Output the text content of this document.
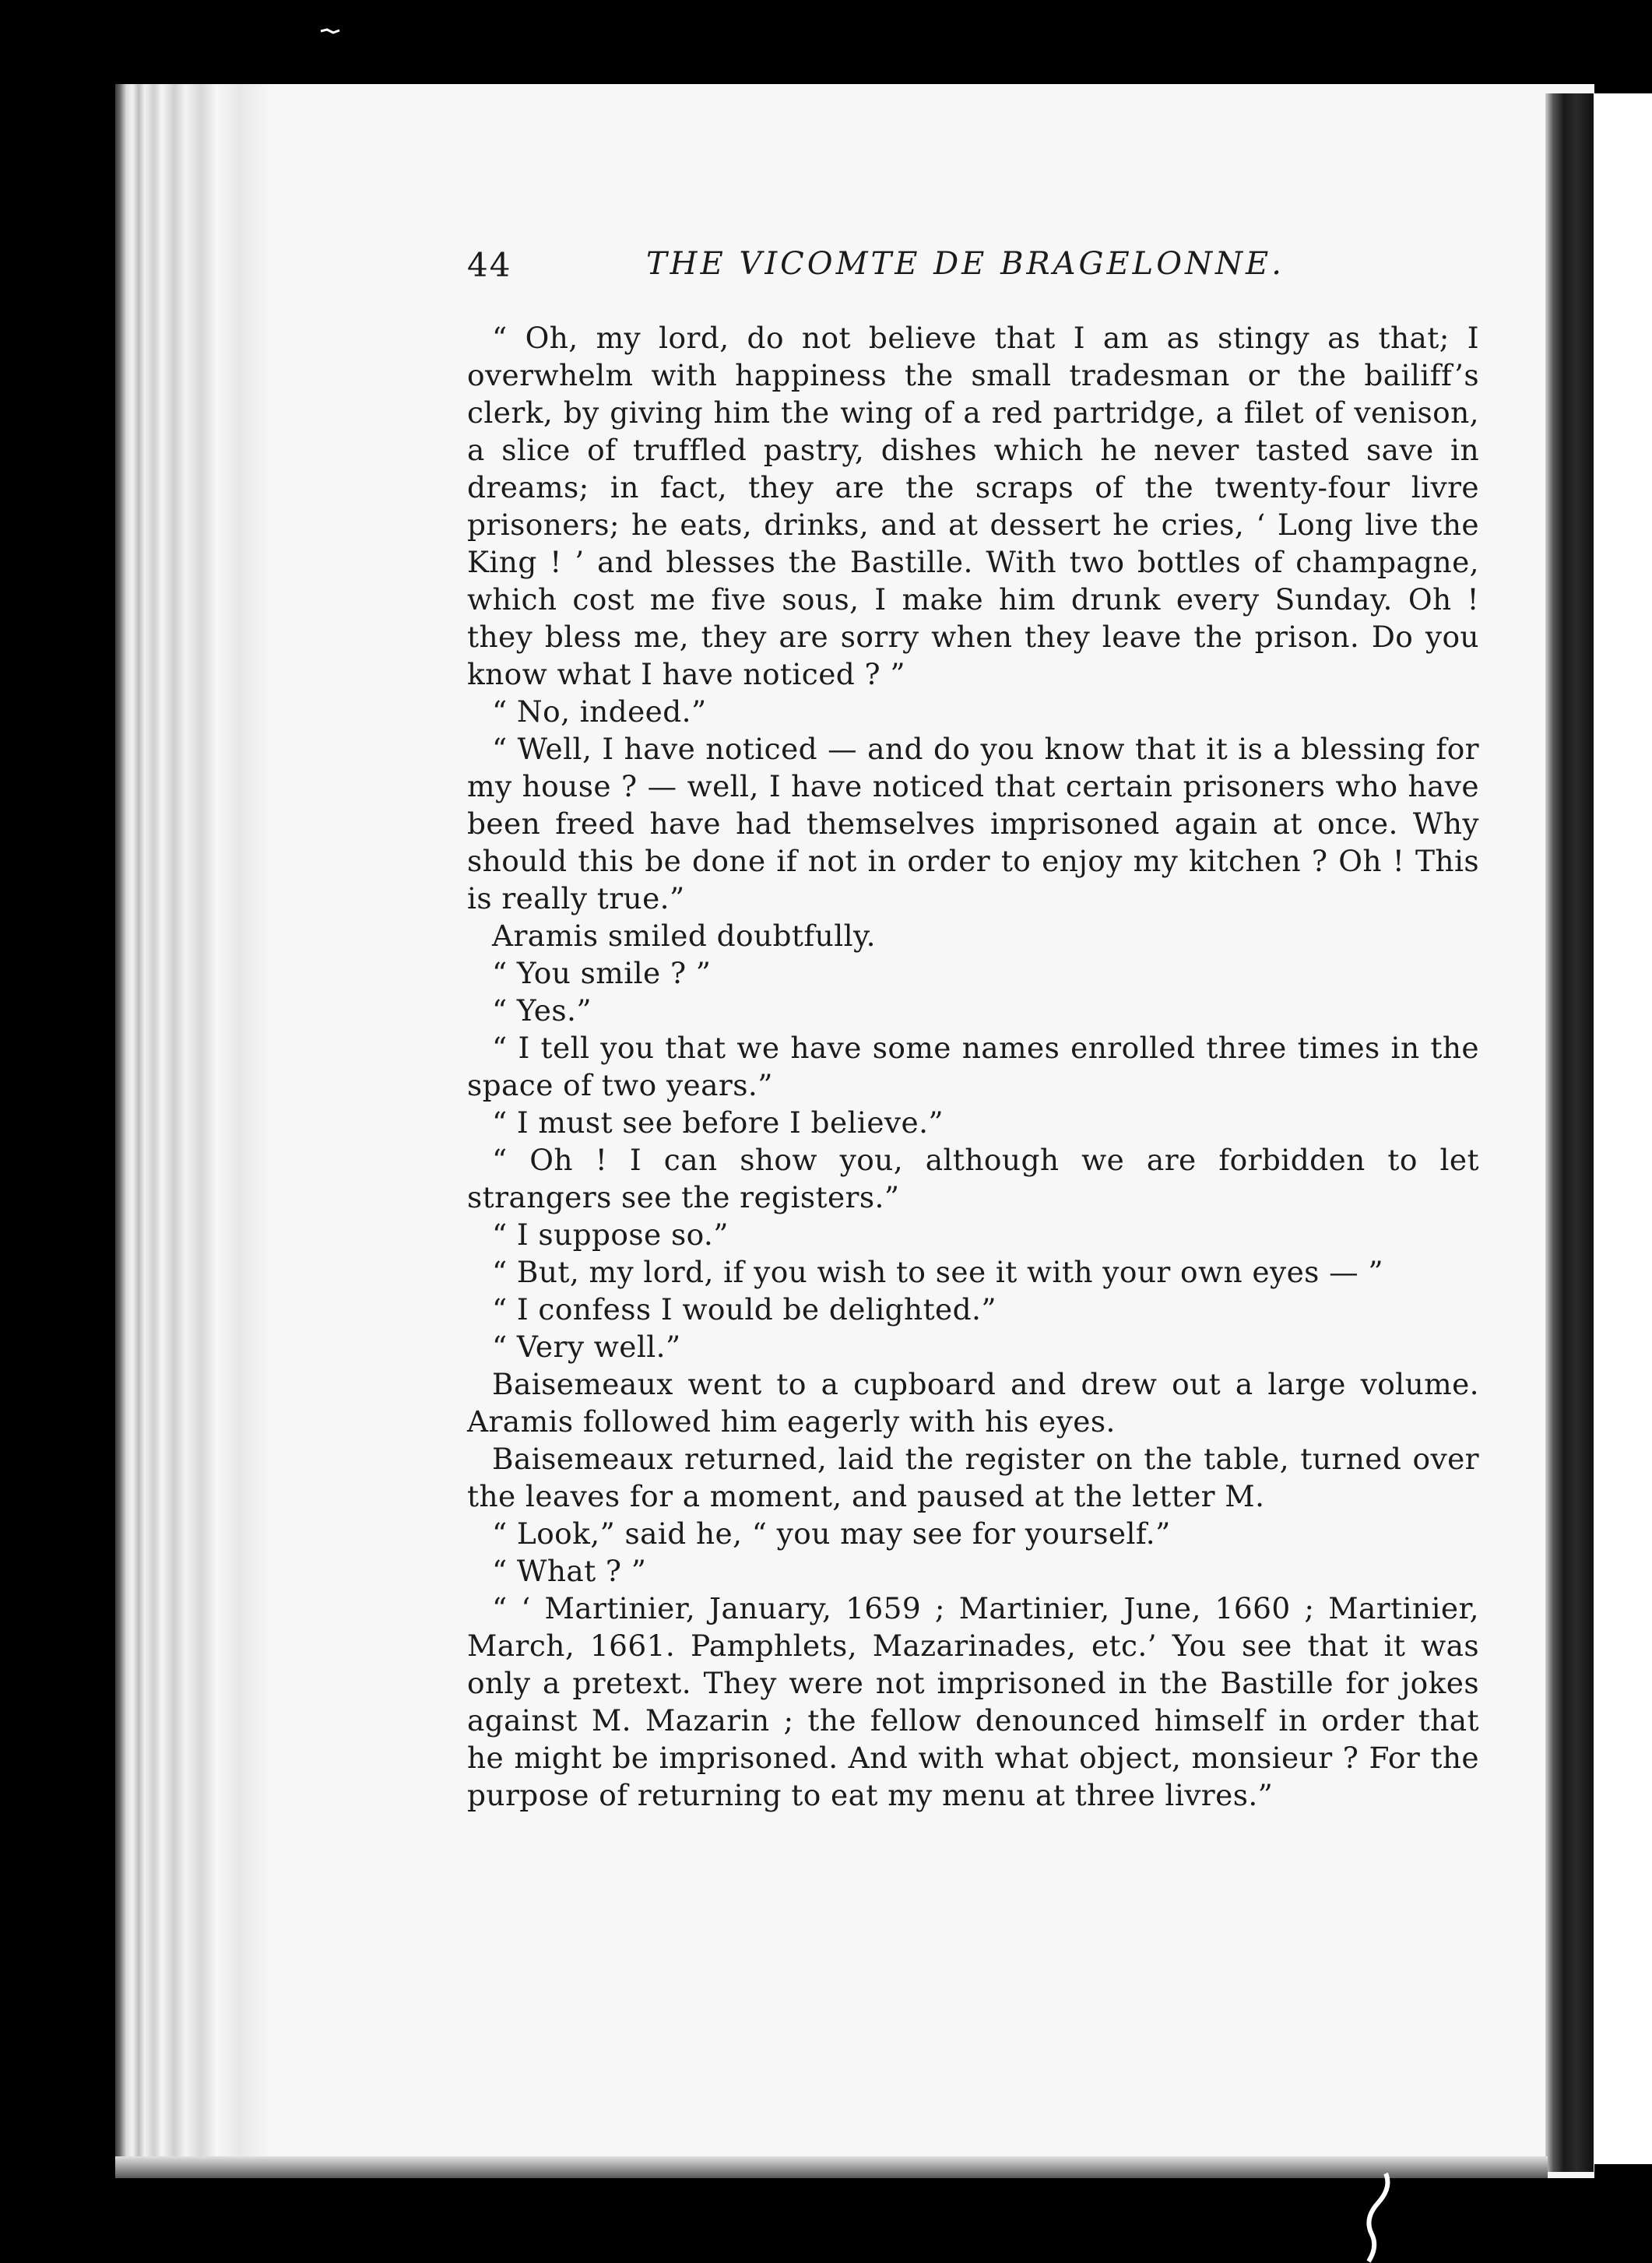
44	THE VICOMTE DE BRAGELONNE.

“ Oh, my lord, do not believe that I am as stingy as that; I overwhelm with happiness the small tradesman or the bailiff’s clerk, by giving him the wing of a red partridge, a filet of venison, a slice of truffled pastry, dishes which he never tasted save in dreams; in fact, they are the scraps of the twenty-four livre prisoners; he eats, drinks, and at dessert he cries, ‘ Long live the King ! ’ and blesses the Bastille. With two bottles of champagne, which cost me five sous, I make him drunk every Sunday. Oh ! they bless me, they are sorry when they leave the prison. Do you know what I have noticed ? ”

“ No, indeed.”

“ Well, I have noticed — and do you know that it is a blessing for my house ? — well, I have noticed that certain prisoners who have been freed have had themselves imprisoned again at once. Why should this be done if not in order to enjoy my kitchen ? Oh ! This is really true.”

Aramis smiled doubtfully.

“ You smile ? ”

“ Yes.”

“ I tell you that we have some names enrolled three times in the space of two years.”

“ I must see before I believe.”

“ Oh ! I can show you, although we are forbidden to let strangers see the registers.”

“ I suppose so.”

“ But, my lord, if you wish to see it with your own eyes — ”

“ I confess I would be delighted.”

“ Very well.”

Baisemeaux went to a cupboard and drew out a large volume. Aramis followed him eagerly with his eyes.

Baisemeaux returned, laid the register on the table, turned over the leaves for a moment, and paused at the letter M.

“ Look,” said he, “ you may see for yourself.”

“ What ? ”

“ ‘ Martinier, January, 1659 ; Martinier, June, 1660 ; Martinier, March, 1661. Pamphlets, Mazarinades, etc.’ You see that it was only a pretext. They were not imprisoned in the Bastille for jokes against M. Mazarin ; the fellow denounced himself in order that he might be imprisoned. And with what object, monsieur ? For the purpose of returning to eat my menu at three livres.”
